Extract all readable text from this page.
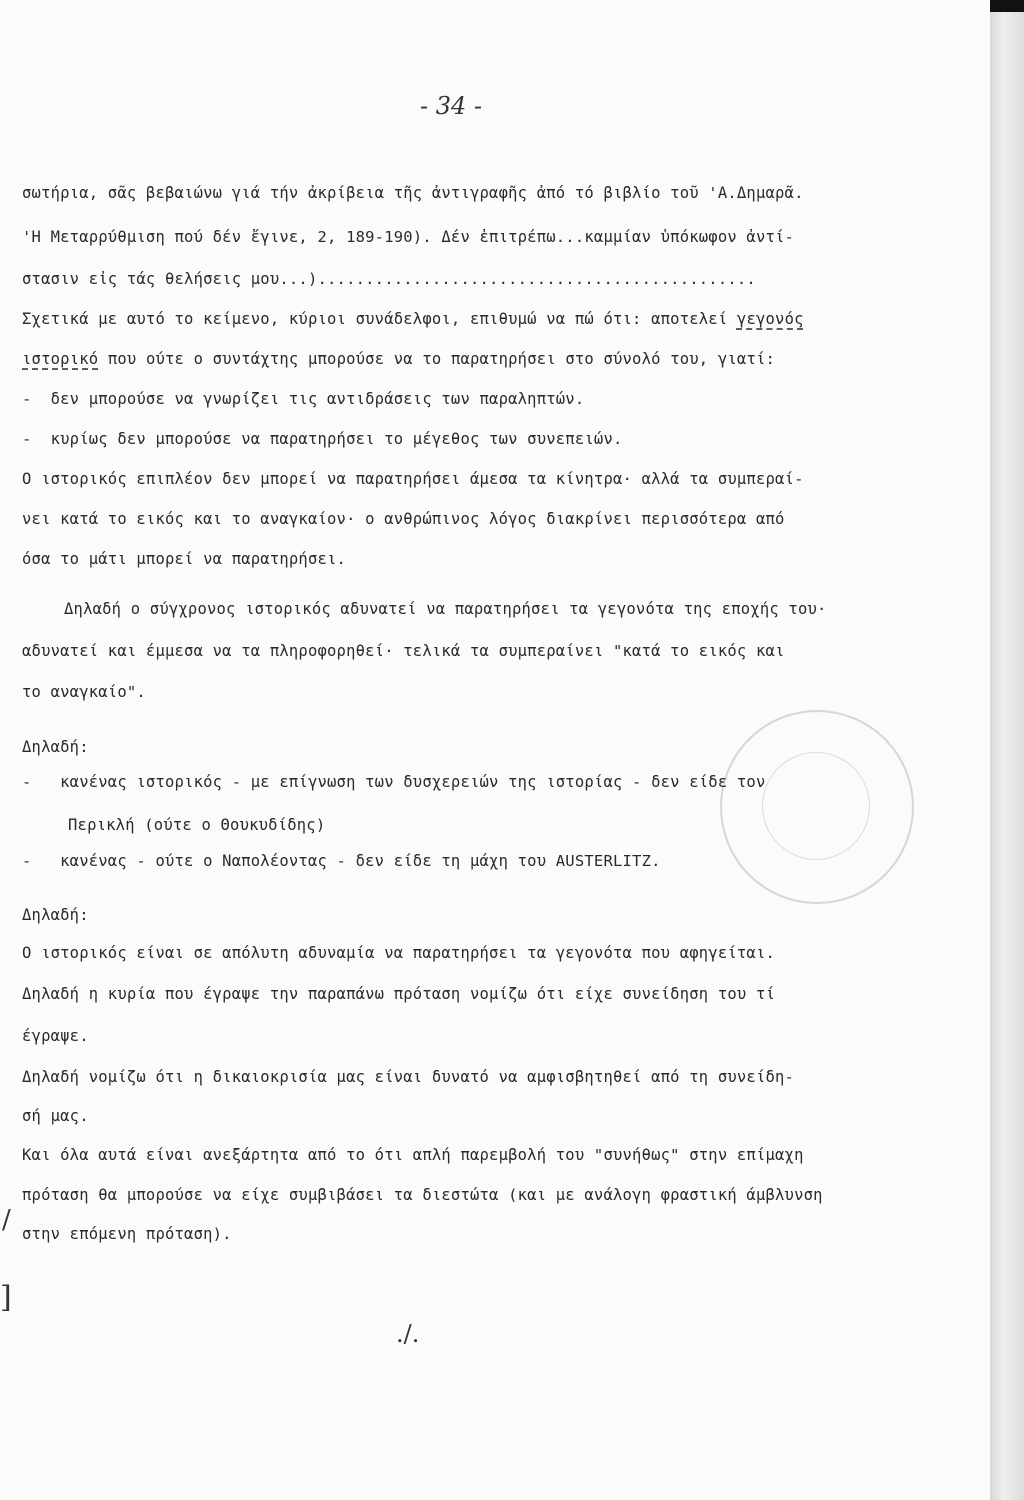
- 34 -
σωτήρια, σᾶς βεβαιώνω γιά τήν ἀκρίβεια τῆς ἀντιγραφῆς ἀπό τό βιβλίο τοῦ 'Α.Δημαρᾶ.
'Η Μεταρρύθμιση πού δέν ἔγινε, 2, 189-190). Δέν ἐπιτρέπω...καμμίαν ὑπόκωφον ἀντί-
στασιν εἰς τάς θελήσεις μου...)..............................................
Σχετικά με αυτό το κείμενο, κύριοι συνάδελφοι, επιθυμώ να πώ ότι: αποτελεί γεγονός
ιστορικό που ούτε ο συντάχτης μπορούσε να το παρατηρήσει στο σύνολό του, γιατί:
-  δεν μπορούσε να γνωρίζει τις αντιδράσεις των παραληπτών.
-  κυρίως δεν μπορούσε να παρατηρήσει το μέγεθος των συνεπειών.
Ο ιστορικός επιπλέον δεν μπορεί να παρατηρήσει άμεσα τα κίνητρα· αλλά τα συμπεραί-
νει κατά το εικός και το αναγκαίον· ο ανθρώπινος λόγος διακρίνει περισσότερα από
όσα το μάτι μπορεί να παρατηρήσει.
Δηλαδή ο σύγχρονος ιστορικός αδυνατεί να παρατηρήσει τα γεγονότα της εποχής του·
αδυνατεί και έμμεσα να τα πληροφορηθεί· τελικά τα συμπεραίνει "κατά το εικός και
το αναγκαίο".
Δηλαδή:
-   κανένας ιστορικός - με επίγνωση των δυσχερειών της ιστορίας - δεν είδε τον
Περικλή (ούτε ο Θουκυδίδης)
-   κανένας - ούτε ο Ναπολέοντας - δεν είδε τη μάχη του AUSTERLITZ.
Δηλαδή:
Ο ιστορικός είναι σε απόλυτη αδυναμία να παρατηρήσει τα γεγονότα που αφηγείται.
Δηλαδή η κυρία που έγραψε την παραπάνω πρόταση νομίζω ότι είχε συνείδηση του τί
έγραψε.
Δηλαδή νομίζω ότι η δικαιοκρισία μας είναι δυνατό να αμφισβητηθεί από τη συνείδη-
σή μας.
Και όλα αυτά είναι ανεξάρτητα από το ότι απλή παρεμβολή του "συνήθως" στην επίμαχη
πρόταση θα μπορούσε να είχε συμβιβάσει τα διεστώτα (και με ανάλογη φραστική άμβλυνση
στην επόμενη πρόταση).
/
]
./.
